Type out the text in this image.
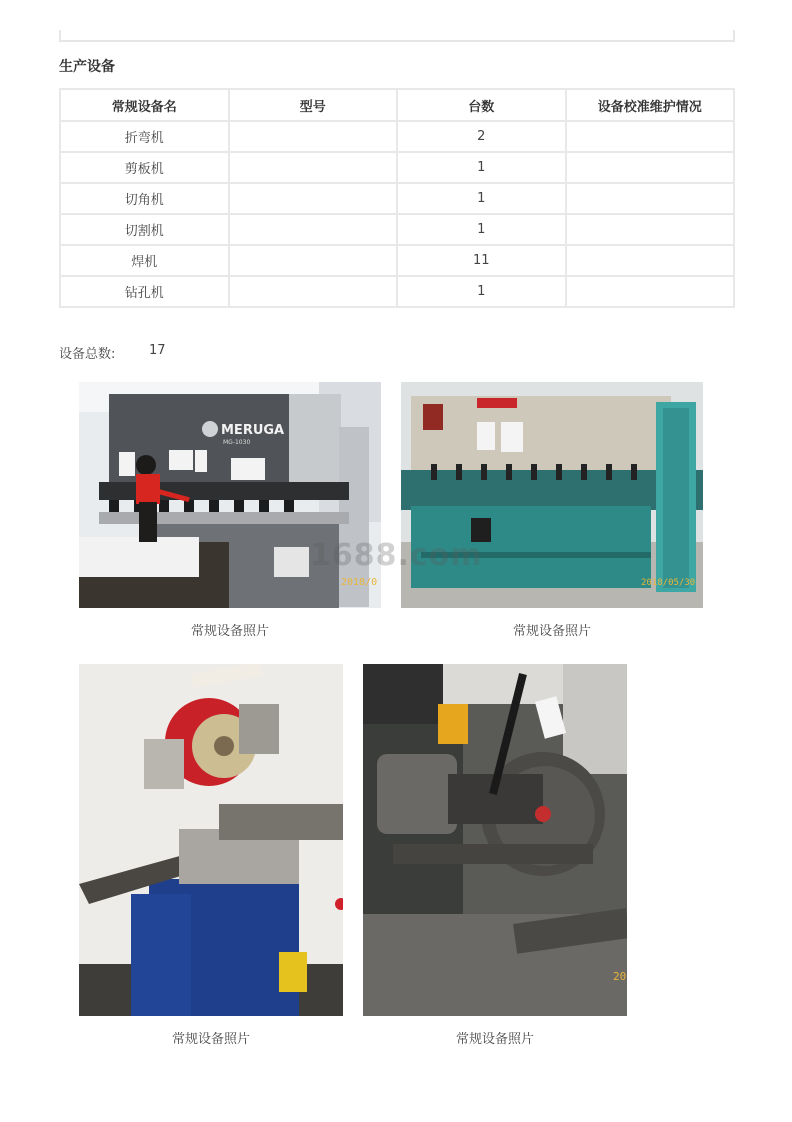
生产设备
常规设备名	型号	台数	设备校准维护情况
折弯机		2	
剪板机		1	
切角机		1	
切割机		1	
焊机		11	
钻孔机		1	
设备总数:	17
MERUGA
MG-1030
2018/0
常规设备照片
2018/05/30
常规设备照片
1688.com
常规设备照片
20
常规设备照片
